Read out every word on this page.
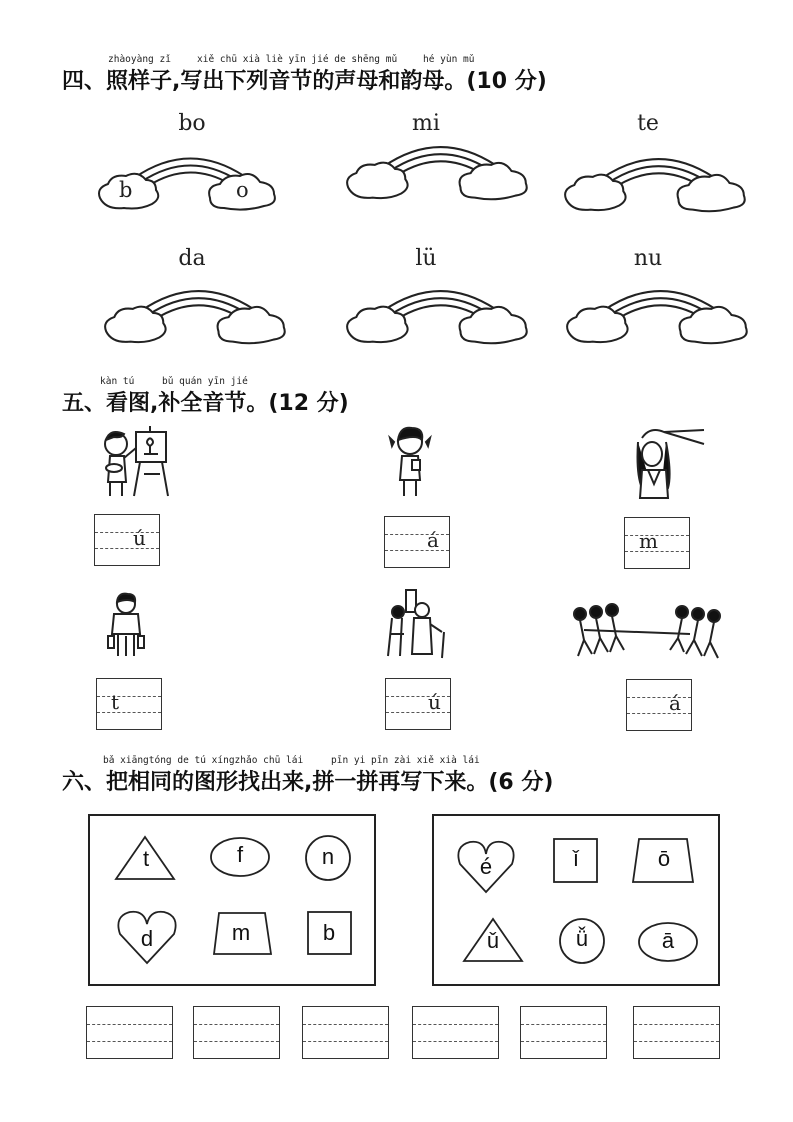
zhàoyàng zǐ	xiě chū xià liè yīn jié de shēng mǔ	hé yùn mǔ
四、照样子,写出下列音节的声母和韵母。(10 分)
bo	mi	te
da	lü	nu
b	o
kàn tú	bǔ quán yīn jié
五、看图,补全音节。(12 分)
ú	á	m
t	ú	á
bǎ xiāngtóng de tú xíngzhǎo chū lái	pīn yi pīn zài xiě xià lái
六、把相同的图形找出来,拼一拼再写下来。(6 分)
t	f	n
d	m	b
é	ǐ	ō
ǔ	ǚ	ā
